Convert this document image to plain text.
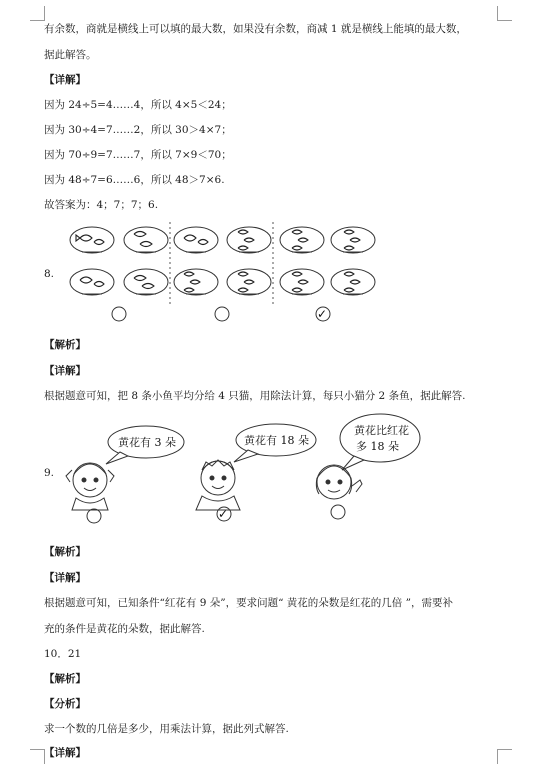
有余数，商就是横线上可以填的最大数，如果没有余数，商减 1 就是横线上能填的最大数，
据此解答。
【详解】
因为 24÷5=4……4，所以 4×5＜24；
因为 30÷4=7……2，所以 30＞4×7；
因为 70÷9=7……7，所以 7×9＜70；
因为 48÷7=6……6，所以 48＞7×6.
故答案为：4；7；7；6.
8.
✓
【解析】
【详解】
根据题意可知，把 8 条小鱼平均分给 4 只猫，用除法计算，每只小猫分 2 条鱼，据此解答.
9.
黄花有 3 朵	黄花有 18 朵
黄花比红花
多 18 朵
✓
【解析】
【详解】
根据题意可知，已知条件“红花有 9 朵”，要求问题“ 黄花的朵数是红花的几倍 ”，需要补
充的条件是黄花的朵数，据此解答.
10．21
【解析】
【分析】
求一个数的几倍是多少，用乘法计算，据此列式解答.
【详解】
